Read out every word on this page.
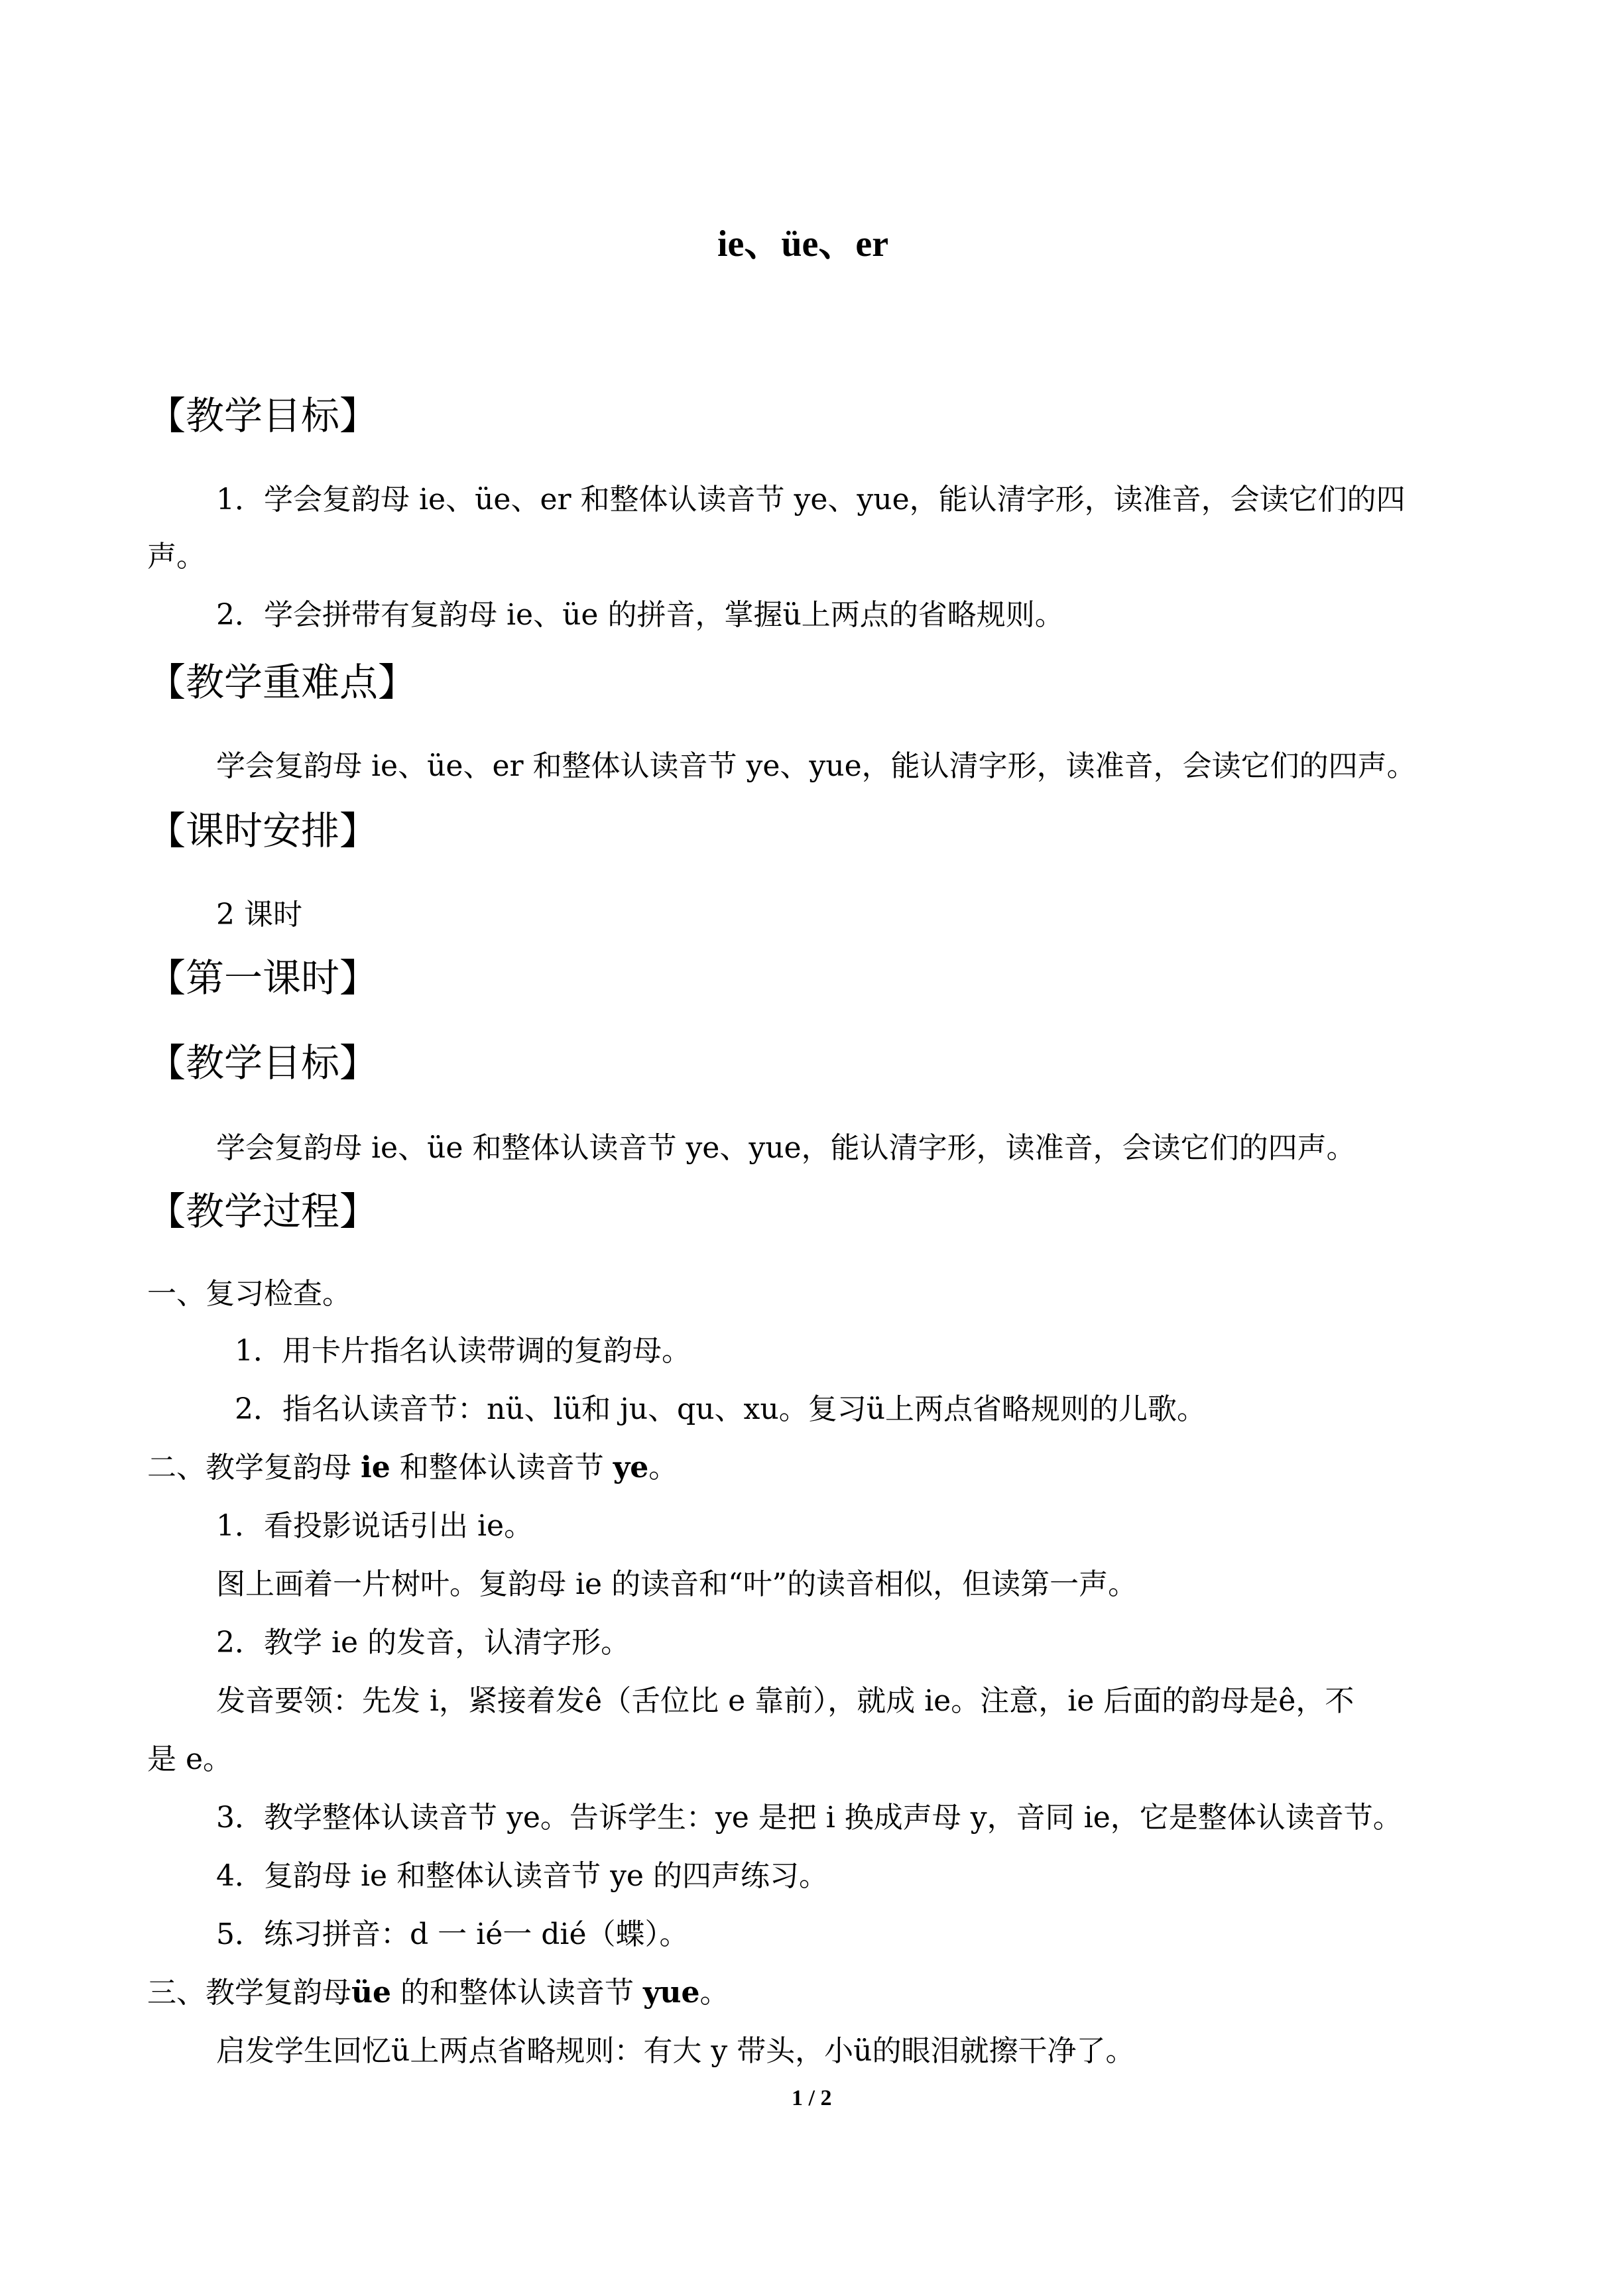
ie、üe、er
【教学目标】
1．学会复韵母 ie、üe、er 和整体认读音节 ye、yue，能认清字形，读准音，会读它们的四
声。
2．学会拼带有复韵母 ie、üe 的拼音，掌握ü上两点的省略规则。
【教学重难点】
学会复韵母 ie、üe、er 和整体认读音节 ye、yue，能认清字形，读准音，会读它们的四声。
【课时安排】
2 课时
【第一课时】
【教学目标】
学会复韵母 ie、üe 和整体认读音节 ye、yue，能认清字形，读准音，会读它们的四声。
【教学过程】
一、复习检查。
1．用卡片指名认读带调的复韵母。
2．指名认读音节：nü、lü和 ju、qu、xu。复习ü上两点省略规则的儿歌。
二、教学复韵母 ie 和整体认读音节 ye。
1．看投影说话引出 ie。
图上画着一片树叶。复韵母 ie 的读音和“叶”的读音相似，但读第一声。
2．教学 ie 的发音，认清字形。
发音要领：先发 i，紧接着发ê（舌位比 e 靠前），就成 ie。注意，ie 后面的韵母是ê，不
是 e。
3．教学整体认读音节 ye。告诉学生：ye 是把 i 换成声母 y，音同 ie，它是整体认读音节。
4．复韵母 ie 和整体认读音节 ye 的四声练习。
5．练习拼音：d 一 ié一 dié（蝶）。
三、教学复韵母üe 的和整体认读音节 yue。
启发学生回忆ü上两点省略规则：有大 y 带头，小ü的眼泪就擦干净了。
1 / 2
